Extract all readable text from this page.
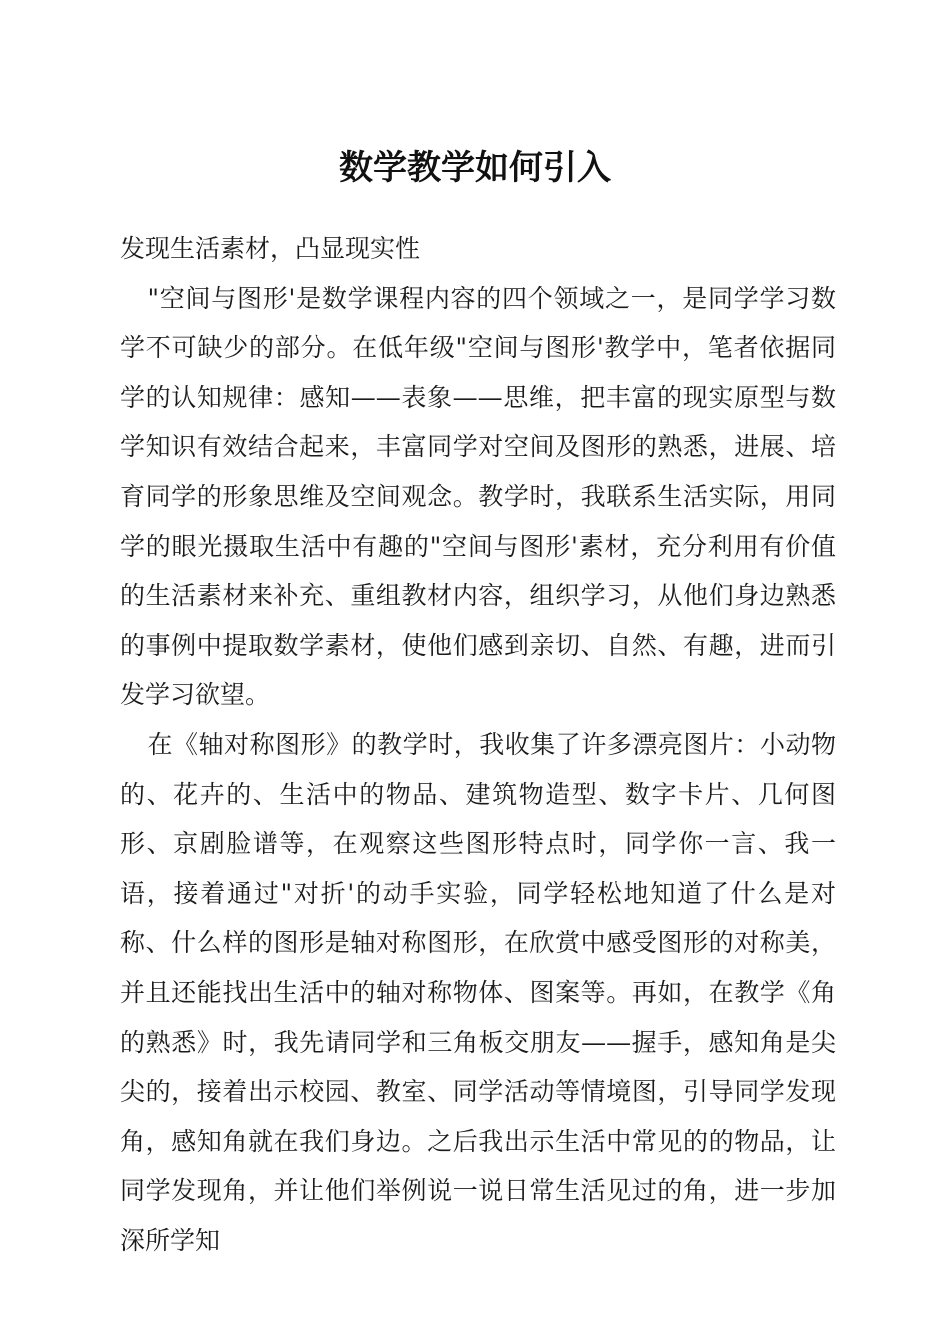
数学教学如何引入

发现生活素材，凸显现实性

"空间与图形'是数学课程内容的四个领域之一，是同学学习数学不可缺少的部分。在低年级"空间与图形'教学中，笔者依据同学的认知规律：感知——表象——思维，把丰富的现实原型与数学知识有效结合起来，丰富同学对空间及图形的熟悉，进展、培育同学的形象思维及空间观念。教学时，我联系生活实际，用同学的眼光摄取生活中有趣的"空间与图形'素材，充分利用有价值的生活素材来补充、重组教材内容，组织学习，从他们身边熟悉的事例中提取数学素材，使他们感到亲切、自然、有趣，进而引发学习欲望。

在《轴对称图形》的教学时，我收集了许多漂亮图片：小动物的、花卉的、生活中的物品、建筑物造型、数字卡片、几何图形、京剧脸谱等，在观察这些图形特点时，同学你一言、我一语，接着通过"对折'的动手实验，同学轻松地知道了什么是对称、什么样的图形是轴对称图形，在欣赏中感受图形的对称美，并且还能找出生活中的轴对称物体、图案等。再如，在教学《角的熟悉》时，我先请同学和三角板交朋友——握手，感知角是尖尖的，接着出示校园、教室、同学活动等情境图，引导同学发现角，感知角就在我们身边。之后我出示生活中常见的的物品，让同学发现角，并让他们举例说一说日常生活见过的角，进一步加深所学知
